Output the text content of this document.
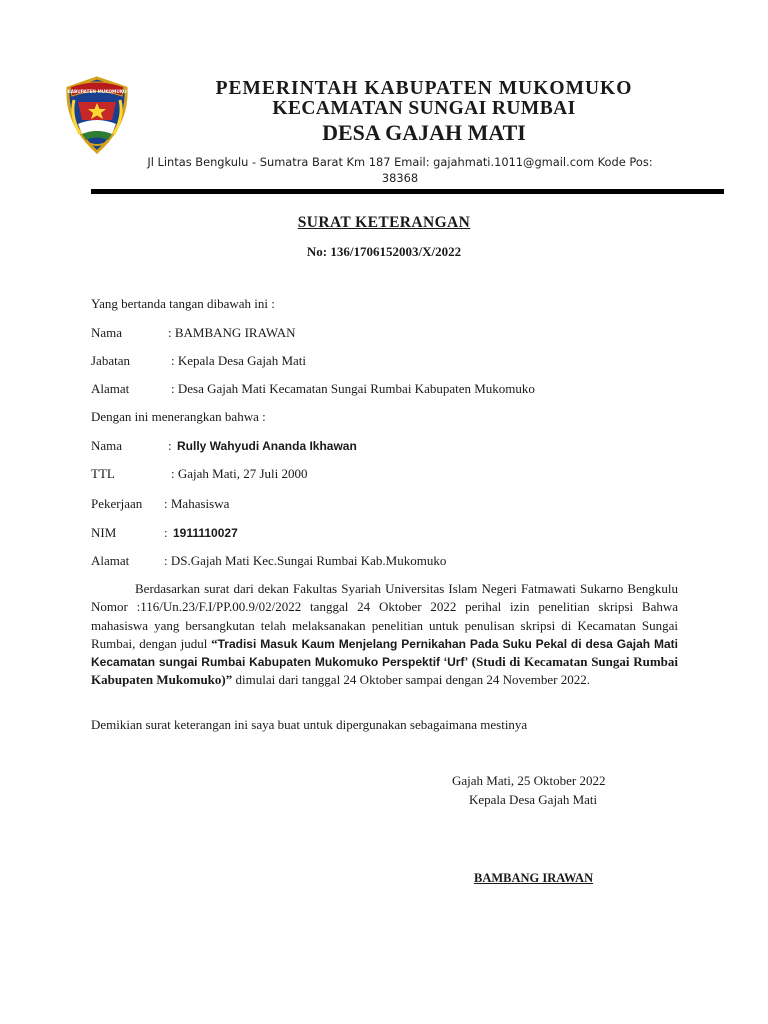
KABUPATEN MUKOMUKO	PEMERINTAH KABUPATEN MUKOMUKO
KECAMATAN SUNGAI RUMBAI
DESA GAJAH MATI
Jl Lintas Bengkulu - Sumatra Barat Km 187 Email: gajahmati.1011@gmail.com Kode Pos:
38368
SURAT KETERANGAN
No: 136/1706152003/X/2022
Yang bertanda tangan dibawah ini :
Nama	: BAMBANG IRAWAN
Jabatan	: Kepala Desa Gajah Mati
Alamat	: Desa Gajah Mati Kecamatan Sungai Rumbai Kabupaten Mukomuko
Dengan ini menerangkan bahwa :
Nama	: Rully Wahyudi Ananda Ikhawan
TTL	: Gajah Mati, 27 Juli 2000
Pekerjaan : Mahasiswa
NIM	: 1911110027
Alamat	: DS.Gajah Mati Kec.Sungai Rumbai Kab.Mukomuko
Berdasarkan surat dari dekan Fakultas Syariah Universitas Islam Negeri Fatmawati Sukarno Bengkulu Nomor :116/Un.23/F.I/PP.00.9/02/2022 tanggal 24 Oktober 2022 perihal izin penelitian skripsi Bahwa mahasiswa yang bersangkutan telah melaksanakan penelitian untuk penulisan skripsi di Kecamatan Sungai Rumbai, dengan judul “Tradisi Masuk Kaum Menjelang Pernikahan Pada Suku Pekal di desa Gajah Mati Kecamatan sungai Rumbai Kabupaten Mukomuko Perspektif ‘Urf’ (Studi di Kecamatan Sungai Rumbai Kabupaten Mukomuko)” dimulai dari tanggal 24 Oktober sampai dengan 24 November 2022.
Demikian surat keterangan ini saya buat untuk dipergunakan sebagaimana mestinya
Gajah Mati, 25 Oktober 2022
Kepala Desa Gajah Mati
BAMBANG IRAWAN
